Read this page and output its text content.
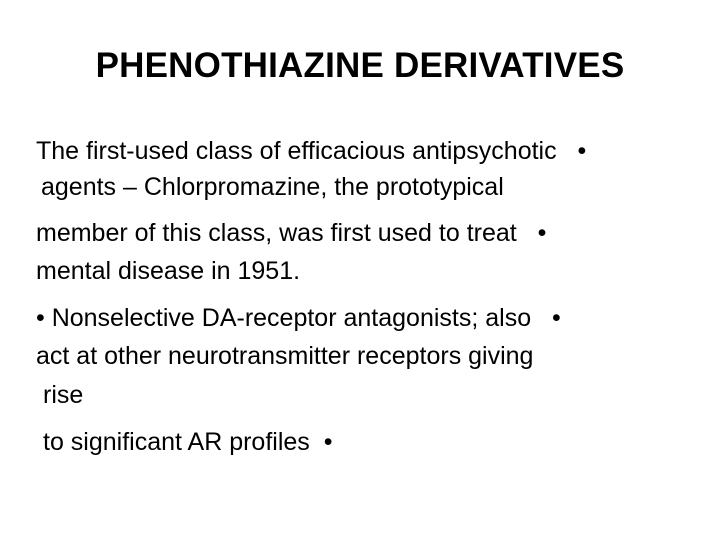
PHENOTHIAZINE DERIVATIVES
The first-used class of efficacious antipsychotic   •
agents – Chlorpromazine, the prototypical
member of this class, was first used to treat   •
mental disease in 1951.
• Nonselective DA-receptor antagonists; also   •
act at other neurotransmitter receptors giving
rise
to significant AR profiles  •
